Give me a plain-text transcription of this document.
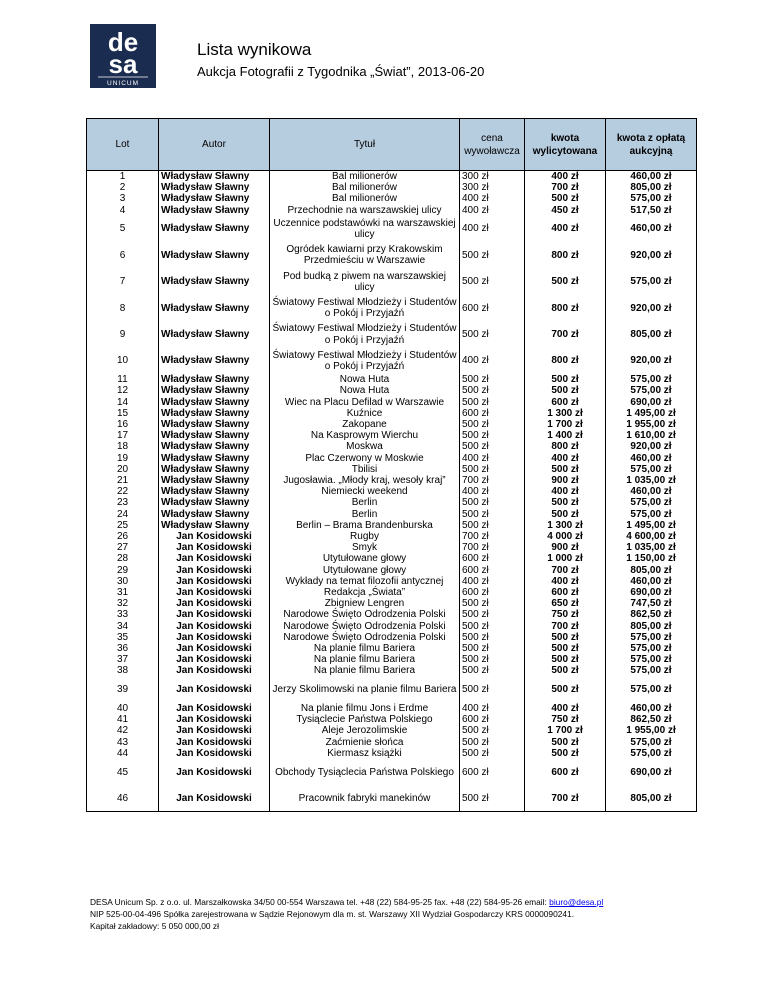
de
sa
UNICUM
Lista wynikowa
Aukcja Fotografii z Tygodnika „Świat”, 2013-06-20
Lot	Autor	Tytuł	cena wywoławcza	kwota wylicytowana	kwota z opłatą aukcyjną
1	Władysław Sławny	Bal milionerów	300 zł	400 zł	460,00 zł
2	Władysław Sławny	Bal milionerów	300 zł	700 zł	805,00 zł
3	Władysław Sławny	Bal milionerów	400 zł	500 zł	575,00 zł
4	Władysław Sławny	Przechodnie na warszawskiej ulicy	400 zł	450 zł	517,50 zł
5	Władysław Sławny	Uczennice podstawówki na warszawskiej ulicy	400 zł	400 zł	460,00 zł
6	Władysław Sławny	Ogródek kawiarni przy Krakowskim Przedmieściu w Warszawie	500 zł	800 zł	920,00 zł
7	Władysław Sławny	Pod budką z piwem na warszawskiej ulicy	500 zł	500 zł	575,00 zł
8	Władysław Sławny	Światowy Festiwal Młodzieży i Studentów o Pokój i Przyjaźń	600 zł	800 zł	920,00 zł
9	Władysław Sławny	Światowy Festiwal Młodzieży i Studentów o Pokój i Przyjaźń	500 zł	700 zł	805,00 zł
10	Władysław Sławny	Światowy Festiwal Młodzieży i Studentów o Pokój i Przyjaźń	400 zł	800 zł	920,00 zł
11	Władysław Sławny	Nowa Huta	500 zł	500 zł	575,00 zł
12	Władysław Sławny	Nowa Huta	500 zł	500 zł	575,00 zł
14	Władysław Sławny	Wiec na Placu Defilad w Warszawie	500 zł	600 zł	690,00 zł
15	Władysław Sławny	Kuźnice	600 zł	1 300 zł	1 495,00 zł
16	Władysław Sławny	Zakopane	500 zł	1 700 zł	1 955,00 zł
17	Władysław Sławny	Na Kasprowym Wierchu	500 zł	1 400 zł	1 610,00 zł
18	Władysław Sławny	Moskwa	500 zł	800 zł	920,00 zł
19	Władysław Sławny	Plac Czerwony w Moskwie	400 zł	400 zł	460,00 zł
20	Władysław Sławny	Tbilisi	500 zł	500 zł	575,00 zł
21	Władysław Sławny	Jugosławia. „Młody kraj, wesoły kraj”	700 zł	900 zł	1 035,00 zł
22	Władysław Sławny	Niemiecki weekend	400 zł	400 zł	460,00 zł
23	Władysław Sławny	Berlin	500 zł	500 zł	575,00 zł
24	Władysław Sławny	Berlin	500 zł	500 zł	575,00 zł
25	Władysław Sławny	Berlin – Brama Brandenburska	500 zł	1 300 zł	1 495,00 zł
26	Jan Kosidowski	Rugby	700 zł	4 000 zł	4 600,00 zł
27	Jan Kosidowski	Smyk	700 zł	900 zł	1 035,00 zł
28	Jan Kosidowski	Utytułowane głowy	600 zł	1 000 zł	1 150,00 zł
29	Jan Kosidowski	Utytułowane głowy	600 zł	700 zł	805,00 zł
30	Jan Kosidowski	Wykłady na temat filozofii antycznej	400 zł	400 zł	460,00 zł
31	Jan Kosidowski	Redakcja „Świata”	600 zł	600 zł	690,00 zł
32	Jan Kosidowski	Zbigniew Lengren	500 zł	650 zł	747,50 zł
33	Jan Kosidowski	Narodowe Święto Odrodzenia Polski	500 zł	750 zł	862,50 zł
34	Jan Kosidowski	Narodowe Święto Odrodzenia Polski	500 zł	700 zł	805,00 zł
35	Jan Kosidowski	Narodowe Święto Odrodzenia Polski	500 zł	500 zł	575,00 zł
36	Jan Kosidowski	Na planie filmu Bariera	500 zł	500 zł	575,00 zł
37	Jan Kosidowski	Na planie filmu Bariera	500 zł	500 zł	575,00 zł
38	Jan Kosidowski	Na planie filmu Bariera	500 zł	500 zł	575,00 zł
39	Jan Kosidowski	Jerzy Skolimowski na planie filmu Bariera	500 zł	500 zł	575,00 zł
40	Jan Kosidowski	Na planie filmu Jons i Erdme	400 zł	400 zł	460,00 zł
41	Jan Kosidowski	Tysiąclecie Państwa Polskiego	600 zł	750 zł	862,50 zł
42	Jan Kosidowski	Aleje Jerozolimskie	500 zł	1 700 zł	1 955,00 zł
43	Jan Kosidowski	Zaćmienie słońca	500 zł	500 zł	575,00 zł
44	Jan Kosidowski	Kiermasz książki	500 zł	500 zł	575,00 zł
45	Jan Kosidowski	Obchody Tysiąclecia Państwa Polskiego	600 zł	600 zł	690,00 zł
46	Jan Kosidowski	Pracownik fabryki manekinów	500 zł	700 zł	805,00 zł
DESA Unicum Sp. z o.o. ul. Marszałkowska 34/50 00-554 Warszawa tel. +48 (22) 584-95-25 fax. +48 (22) 584-95-26 email: biuro@desa.pl
NIP 525-00-04-496 Spółka zarejestrowana w Sądzie Rejonowym dla m. st. Warszawy XII Wydział Gospodarczy KRS 0000090241.
Kapitał zakładowy: 5 050 000,00 zł
